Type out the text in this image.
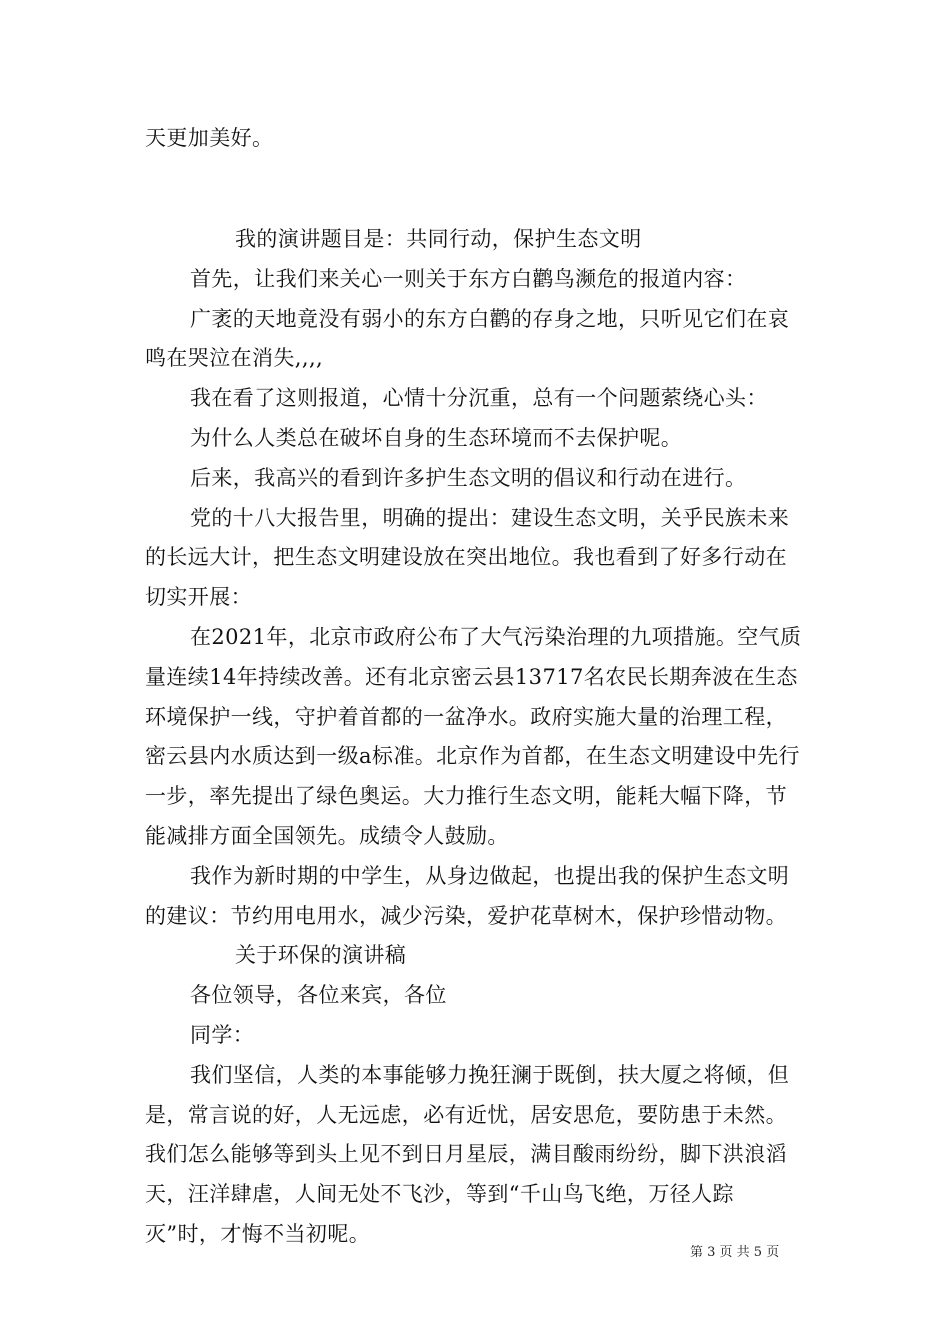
天更加美好。

我的演讲题目是：共同行动，保护生态文明

首先，让我们来关心一则关于东方白鹳鸟濒危的报道内容：

广袤的天地竟没有弱小的东方白鹳的存身之地，只听见它们在哀鸣在哭泣在消失,,,,

我在看了这则报道，心情十分沉重，总有一个问题萦绕心头：

为什么人类总在破坏自身的生态环境而不去保护呢。

后来，我高兴的看到许多护生态文明的倡议和行动在进行。

党的十八大报告里，明确的提出：建设生态文明，关乎民族未来的长远大计，把生态文明建设放在突出地位。我也看到了好多行动在切实开展：

在2021年，北京市政府公布了大气污染治理的九项措施。空气质量连续14年持续改善。还有北京密云县13717名农民长期奔波在生态环境保护一线，守护着首都的一盆净水。政府实施大量的治理工程，密云县内水质达到一级a标准。北京作为首都，在生态文明建设中先行一步，率先提出了绿色奥运。大力推行生态文明，能耗大幅下降，节能减排方面全国领先。成绩令人鼓励。

我作为新时期的中学生，从身边做起，也提出我的保护生态文明的建议：节约用电用水，减少污染，爱护花草树木，保护珍惜动物。

关于环保的演讲稿

各位领导，各位来宾，各位

同学：

我们坚信，人类的本事能够力挽狂澜于既倒，扶大厦之将倾，但是，常言说的好，人无远虑，必有近忧，居安思危，要防患于未然。我们怎么能够等到头上见不到日月星辰，满目酸雨纷纷，脚下洪浪滔天，汪洋肆虐，人间无处不飞沙，等到“千山鸟飞绝，万径人踪灭”时，才悔不当初呢。

第 3 页 共 5 页
